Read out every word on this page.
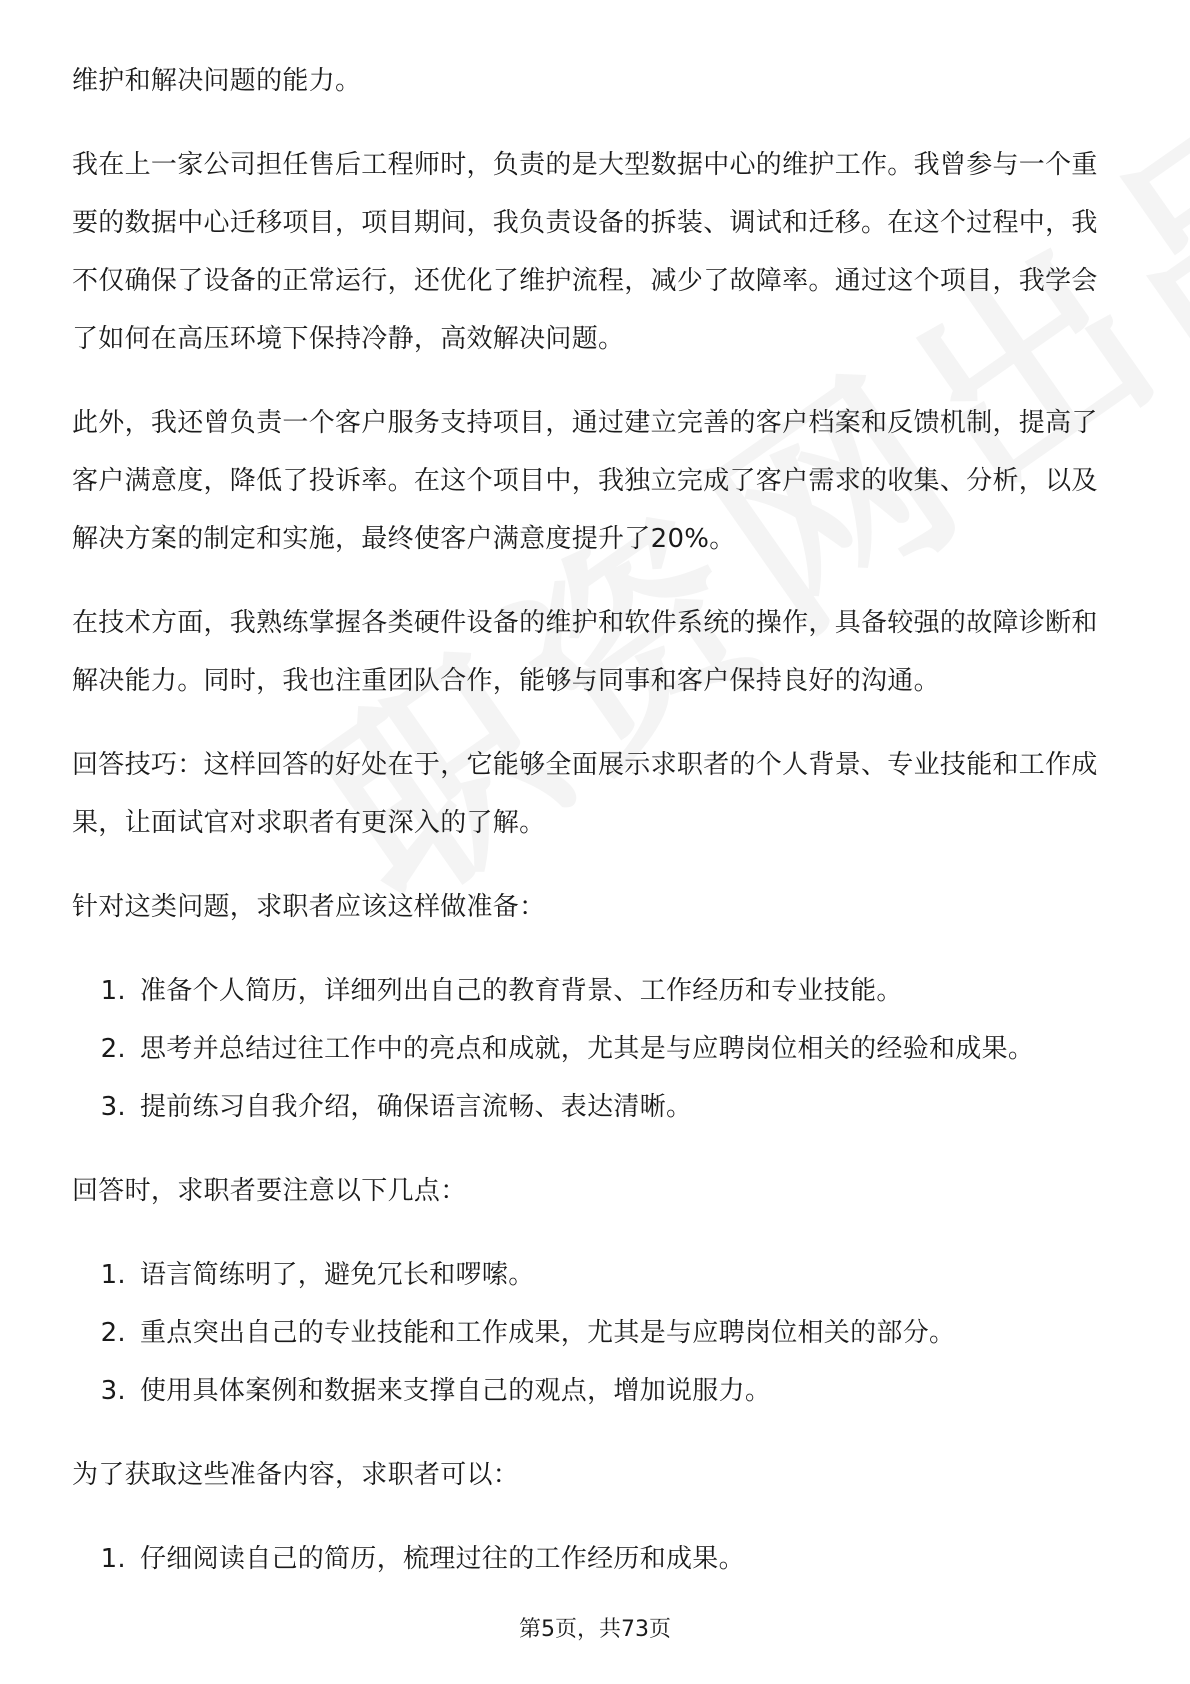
维护和解决问题的能力。

我在上一家公司担任售后工程师时，负责的是大型数据中心的维护工作。我曾参与一个重要的数据中心迁移项目，项目期间，我负责设备的拆装、调试和迁移。在这个过程中，我不仅确保了设备的正常运行，还优化了维护流程，减少了故障率。通过这个项目，我学会了如何在高压环境下保持冷静，高效解决问题。

此外，我还曾负责一个客户服务支持项目，通过建立完善的客户档案和反馈机制，提高了客户满意度，降低了投诉率。在这个项目中，我独立完成了客户需求的收集、分析，以及解决方案的制定和实施，最终使客户满意度提升了20%。

在技术方面，我熟练掌握各类硬件设备的维护和软件系统的操作，具备较强的故障诊断和解决能力。同时，我也注重团队合作，能够与同事和客户保持良好的沟通。

回答技巧：这样回答的好处在于，它能够全面展示求职者的个人背景、专业技能和工作成果，让面试官对求职者有更深入的了解。

针对这类问题，求职者应该这样做准备：

1. 准备个人简历，详细列出自己的教育背景、工作经历和专业技能。
2. 思考并总结过往工作中的亮点和成就，尤其是与应聘岗位相关的经验和成果。
3. 提前练习自我介绍，确保语言流畅、表达清晰。

回答时，求职者要注意以下几点：

1. 语言简练明了，避免冗长和啰嗦。
2. 重点突出自己的专业技能和工作成果，尤其是与应聘岗位相关的部分。
3. 使用具体案例和数据来支撑自己的观点，增加说服力。

为了获取这些准备内容，求职者可以：

1. 仔细阅读自己的简历，梳理过往的工作经历和成果。
第5页，共73页
